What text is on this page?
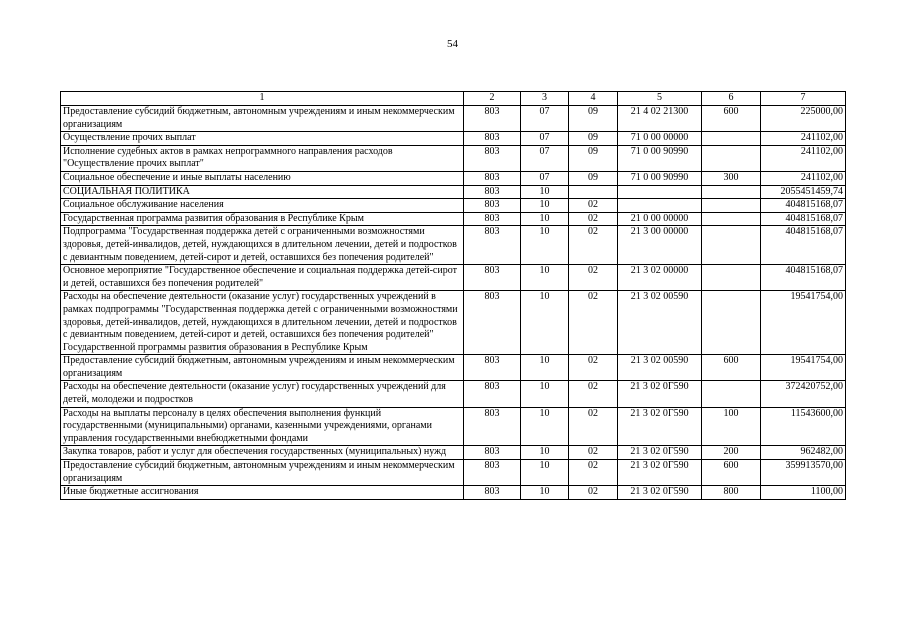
54
1	2	3	4	5	6	7
Предоставление субсидий бюджетным, автономным учреждениям и иным некоммерческим организациям	803	07	09	21 4 02 21300	600	225000,00
Осуществление прочих выплат	803	07	09	71 0 00 00000		241102,00
Исполнение судебных актов в рамках непрограммного направления расходов "Осуществление прочих выплат"	803	07	09	71 0 00 90990		241102,00
Социальное обеспечение и иные выплаты населению	803	07	09	71 0 00 90990	300	241102,00
СОЦИАЛЬНАЯ ПОЛИТИКА	803	10				2055451459,74
Социальное обслуживание населения	803	10	02			404815168,07
Государственная программа развития образования в Республике Крым	803	10	02	21 0 00 00000		404815168,07
Подпрограмма "Государственная поддержка детей с ограниченными возможностями здоровья, детей-инвалидов, детей, нуждающихся в длительном лечении, детей и подростков с девиантным поведением, детей-сирот и детей, оставшихся без попечения родителей"	803	10	02	21 3 00 00000		404815168,07
Основное мероприятие "Государственное обеспечение и социальная поддержка детей-сирот и детей, оставшихся без попечения родителей"	803	10	02	21 3 02 00000		404815168,07
Расходы на обеспечение деятельности (оказание услуг) государственных учреждений в рамках подпрограммы "Государственная поддержка детей с ограниченными возможностями здоровья, детей-инвалидов, детей, нуждающихся в длительном лечении, детей и подростков с девиантным поведением, детей-сирот и детей, оставшихся без попечения родителей" Государственной программы развития образования в Республике Крым	803	10	02	21 3 02 00590		19541754,00
Предоставление субсидий бюджетным, автономным учреждениям и иным некоммерческим организациям	803	10	02	21 3 02 00590	600	19541754,00
Расходы на обеспечение деятельности (оказание услуг) государственных учреждений для детей, молодежи и подростков	803	10	02	21 3 02 0Г590		372420752,00
Расходы на выплаты персоналу в целях обеспечения выполнения функций государственными (муниципальными) органами, казенными учреждениями, органами управления государственными внебюджетными фондами	803	10	02	21 3 02 0Г590	100	11543600,00
Закупка товаров, работ и услуг для обеспечения государственных (муниципальных) нужд	803	10	02	21 3 02 0Г590	200	962482,00
Предоставление субсидий бюджетным, автономным учреждениям и иным некоммерческим организациям	803	10	02	21 3 02 0Г590	600	359913570,00
Иные бюджетные ассигнования	803	10	02	21 3 02 0Г590	800	1100,00
